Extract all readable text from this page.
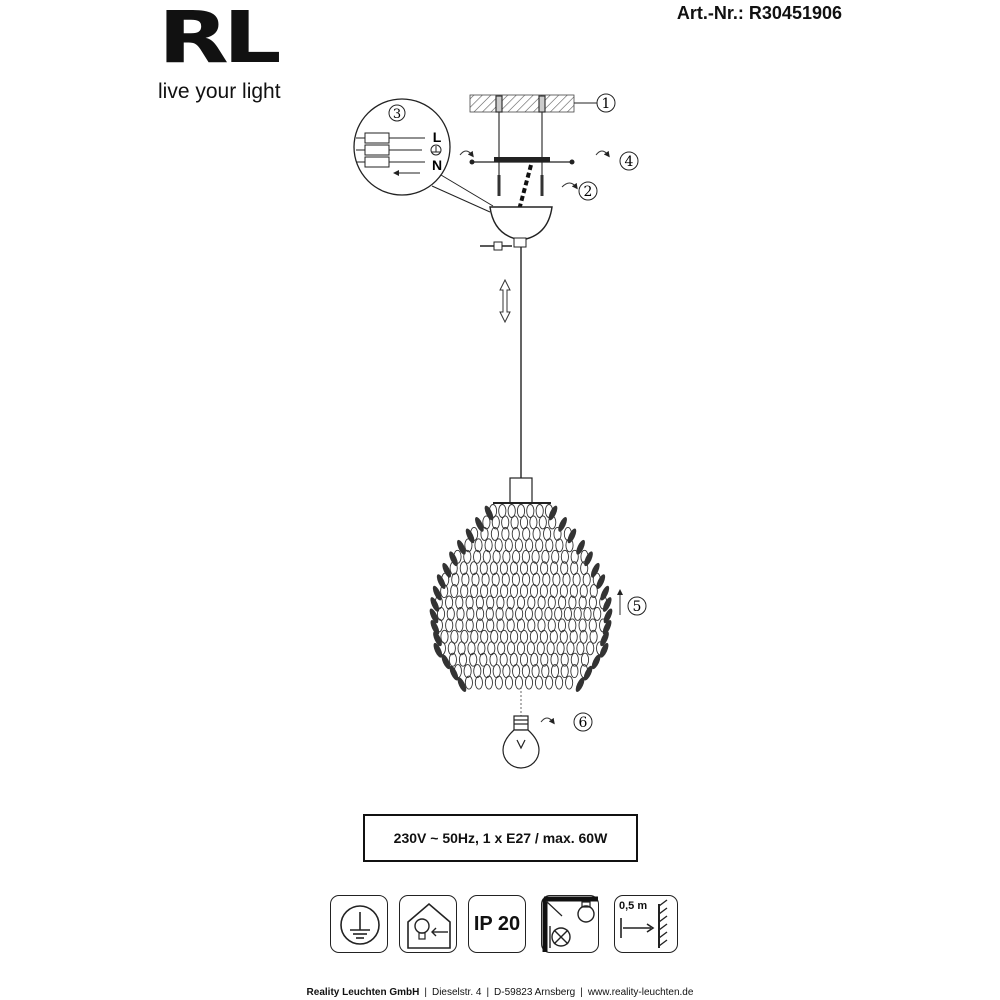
RL
live your light
Art.-Nr.: R30451906
1
4
2
3
L
N
5
6
230V ~ 50Hz, 1 x E27 / max. 60W
IP 20
0,5 m
Reality Leuchten GmbH | Dieselstr. 4 | D-59823 Arnsberg | www.reality-leuchten.de
